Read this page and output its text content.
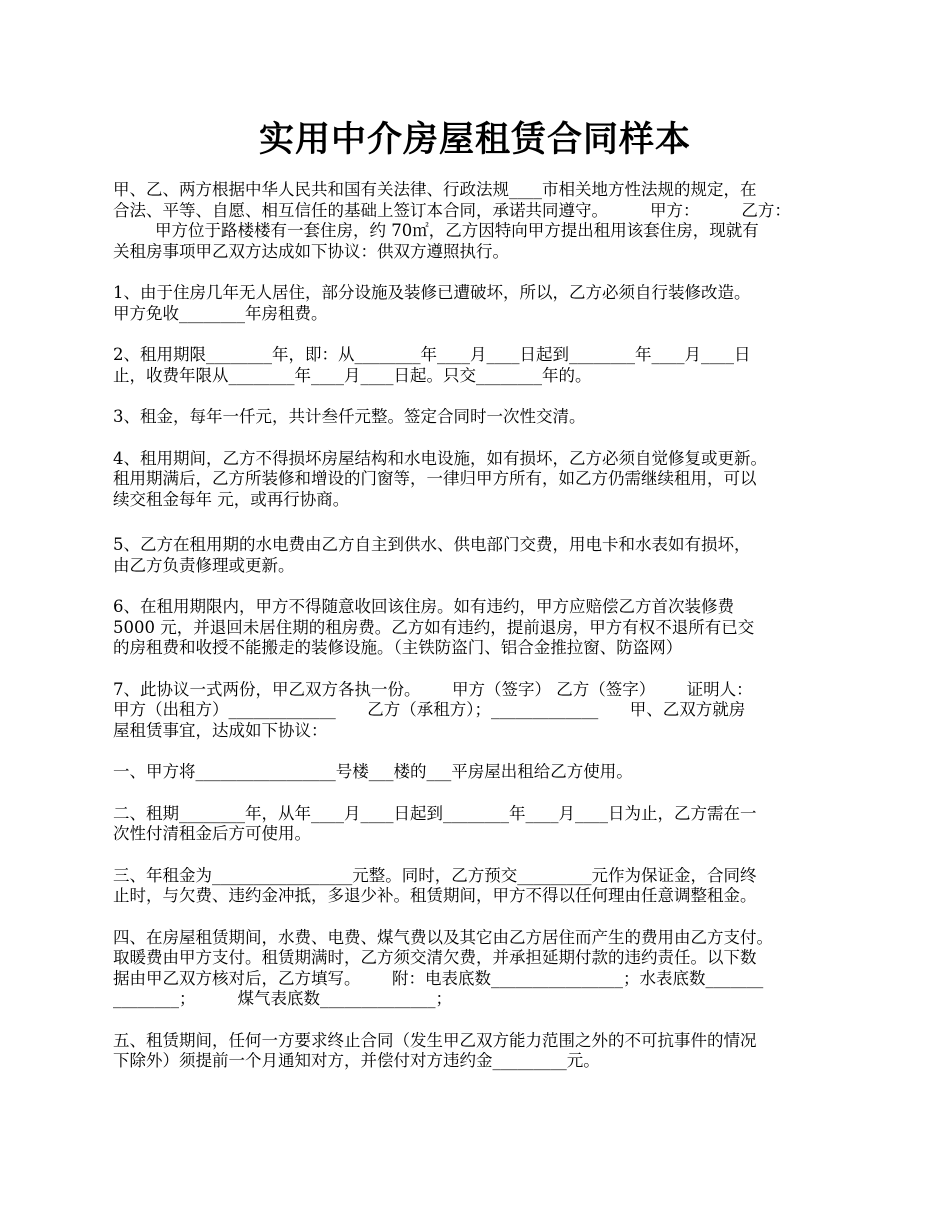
实用中介房屋租赁合同样本
甲、乙、两方根据中华人民共和国有关法律、行政法规____市相关地方性法规的规定，在
合法、平等、自愿、相互信任的基础上签订本合同，承诺共同遵守。        甲方：        乙方：
甲方位于路楼楼有一套住房，约 70㎡，乙方因特向甲方提出租用该套住房，现就有
关租房事项甲乙双方达成如下协议：供双方遵照执行。
1、由于住房几年无人居住，部分设施及装修已遭破坏，所以，乙方必须自行装修改造。
甲方免收________年房租费。
2、租用期限________年，即：从________年____月____日起到________年____月____日
止，收费年限从________年____月____日起。只交________年的。
3、租金，每年一仟元，共计叁仟元整。签定合同时一次性交清。
4、租用期间，乙方不得损坏房屋结构和水电设施，如有损坏，乙方必须自觉修复或更新。
租用期满后，乙方所装修和增设的门窗等，一律归甲方所有，如乙方仍需继续租用，可以
续交租金每年 元，或再行协商。
5、乙方在租用期的水电费由乙方自主到供水、供电部门交费，用电卡和水表如有损坏，
由乙方负责修理或更新。
6、在租用期限内，甲方不得随意收回该住房。如有违约，甲方应赔偿乙方首次装修费
5000 元，并退回未居住期的租房费。乙方如有违约，提前退房，甲方有权不退所有已交
的房租费和收授不能搬走的装修设施。（主铁防盗门、铝合金推拉窗、防盗网）
7、此协议一式两份，甲乙双方各执一份。      甲方（签字） 乙方（签字）      证明人：
甲方（出租方）_____________      乙方（承租方）；_____________      甲、乙双方就房
屋租赁事宜，达成如下协议：
一、甲方将_________________号楼___楼的___平房屋出租给乙方使用。
二、租期________年，从年____月____日起到________年____月____日为止，乙方需在一
次性付清租金后方可使用。
三、年租金为_________________元整。同时，乙方预交_________元作为保证金，合同终
止时，与欠费、违约金冲抵，多退少补。租赁期间，甲方不得以任何理由任意调整租金。
四、在房屋租赁期间，水费、电费、煤气费以及其它由乙方居住而产生的费用由乙方支付。
取暖费由甲方支付。租赁期满时，乙方须交清欠费，并承担延期付款的违约责任。以下数
据由甲乙双方核对后，乙方填写。      附：电表底数________________；水表底数_______
________；        煤气表底数______________；
五、租赁期间，任何一方要求终止合同（发生甲乙双方能力范围之外的不可抗事件的情况
下除外）须提前一个月通知对方，并偿付对方违约金_________元。
